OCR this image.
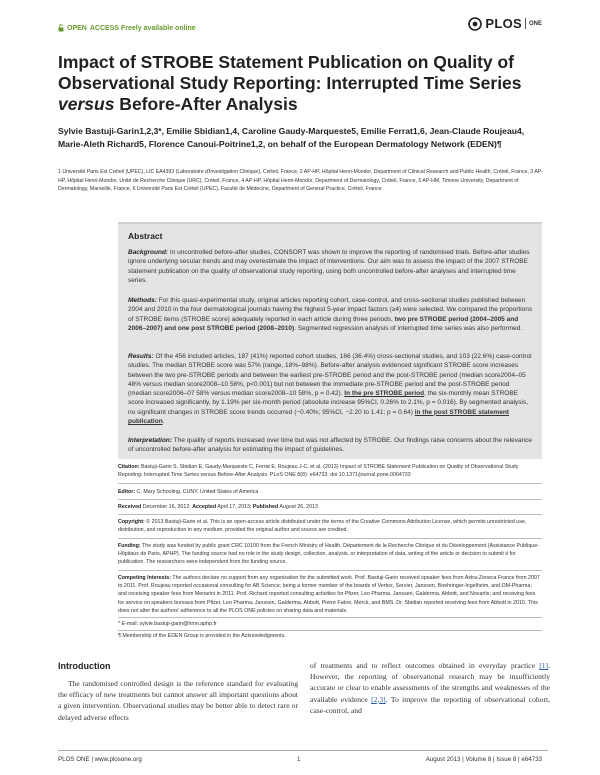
OPEN ACCESS Freely available online	PLOS ONE
Impact of STROBE Statement Publication on Quality of
Observational Study Reporting: Interrupted Time Series
versus Before-After Analysis
Sylvie Bastuji-Garin1,2,3*, Emilie Sbidian1,4, Caroline Gaudy-Marqueste5, Emilie Ferrat1,6, Jean-Claude Roujeau4, Marie-Aleth Richard5, Florence Canoui-Poitrine1,2, on behalf of the European Dermatology Network (EDEN)¶
1 Université Paris Est Créteil (UPEC), LIC EA4393 (Laboratoire d'Investigation Clinique), Créteil, France, 2 AP-HP, Hôpital Henri-Mondor, Department of Clinical Research and Public Health, Créteil, France, 3 AP-HP, Hôpital Henri-Mondor, Unité de Recherche Clinique (URC), Créteil, France, 4 AP-HP, Hôpital Henri-Mondor, Department of Dermatology, Créteil, France, 5 AP-HM, Timone University, Department of Dermatology, Marseille, France, 6 Université Paris Est Créteil (UPEC), Faculté de Médecine, Department of General Practice, Créteil, France
Abstract

Background: In uncontrolled before-after studies, CONSORT was shown to improve the reporting of randomised trials. Before-after studies ignore underlying secular trends and may overestimate the impact of interventions. Our aim was to assess the impact of the 2007 STROBE statement publication on the quality of observational study reporting, using both uncontrolled before-after analyses and interrupted time series.

Methods: For this quasi-experimental study, original articles reporting cohort, case-control, and cross-sectional studies published between 2004 and 2010 in the four dermatological journals having the highest 5-year impact factors (≥4) were selected. We compared the proportions of STROBE items (STROBE score) adequately reported in each article during three periods, two pre STROBE period (2004–2005 and 2006–2007) and one post STROBE period (2008–2010). Segmented regression analysis of interrupted time series was also performed.

Results: Of the 456 included articles, 187 (41%) reported cohort studies, 166 (36.4%) cross-sectional studies, and 103 (22.6%) case-control studies. The median STROBE score was 57% (range, 18%–98%). Before-after analysis evidenced significant STROBE score increases between the two pre-STROBE periods and between the earliest pre-STROBE period and the post-STROBE period (median score2004–05 48% versus median score2008–10 58%, p<0.001) but not between the immediate pre-STROBE period and the post-STROBE period (median score2006–07 58% versus median score2008–10 58%, p = 0.42). In the pre STROBE period, the six-monthly mean STROBE score increased significantly, by 1.19% per six-month period (absolute increase 95%CI, 0.26% to 2.1%, p = 0.016). By segmented analysis, no significant changes in STROBE score trends occurred (−0.40%; 95%CI, −2.20 to 1.41; p = 0.64) in the post STROBE statement publication.

Interpretation: The quality of reports increased over time but was not affected by STROBE. Our findings raise concerns about the relevance of uncontrolled before-after analysis for estimating the impact of guidelines.

Citation: Bastuji-Garin S, Sbidian E, Gaudy-Marqueste C, Ferrat E, Roujeau J-C, et al. (2013) Impact of STROBE Statement Publication on Quality of Observational Study Reporting: Interrupted Time Series versus Before-After Analysis. PLoS ONE 8(8): e64733. doi:10.1371/journal.pone.0064733

Editor: C. Mary Schooling, CUNY, United States of America

Received December 16, 2012; Accepted April 17, 2013; Published August 26, 2013

Copyright: © 2013 Bastuji-Garin et al. This is an open-access article distributed under the terms of the Creative Commons Attribution License, which permits unrestricted use, distribution, and reproduction in any medium, provided the original author and source are credited.

Funding: The study was funded by public grant CRC 10100 from the French Ministry of Health, Département de la Recherche Clinique et du Développement (Assistance Publique-Hôpitaux de Paris, APHP). The funding source had no role in the study design, collection, analysis, or interpretation of data, writing of the article or decision to submit it for publication. The researchers were independent from the funding source.

Competing Interests: The authors declare no support from any organisation for the submitted work. Prof. Bastuji-Garin received speaker fees from Astra-Zeneca France from 2007 to 2011. Prof. Roujeau reported occasional consulting for AB Science; being a former member of the boards of Vertex, Servier, Janssen, Boehringer-Ingelheim, and OM-Pharma; and receiving speaker fees from Menarini in 2011. Prof. Richard reported consulting activities for Pfizer, Leo Pharma, Janssen, Galderma, Abbott, and Novartis; and receiving fees for service on speakers bureaus from Pfizer, Leo Pharma, Janssen, Galderma, Abbott, Pierre Fabre, Merck, and BMS. Dr. Sbidian reported receiving fees from Abbott in 2010. This does not alter the authors' adherence to all the PLOS ONE policies on sharing data and materials.

* E-mail: sylvie.bastuji-garin@hmn.aphp.fr

¶ Membership of the EDEN Group is provided in the Acknowledgments.

Introduction

The randomised controlled design is the reference standard for evaluating the efficacy of new treatments but cannot answer all important questions about a given intervention. Observational studies may be better able to detect rare or delayed adverse effects

of treatments and to reflect outcomes obtained in everyday practice [1]. However, the reporting of observational research may be insufficiently accurate or clear to enable assessments of the strengths and weaknesses of the available evidence [2,3]. To improve the reporting of observational cohort, case-control, and

PLOS ONE | www.plosone.org	1	August 2013 | Volume 8 | Issue 8 | e64733
